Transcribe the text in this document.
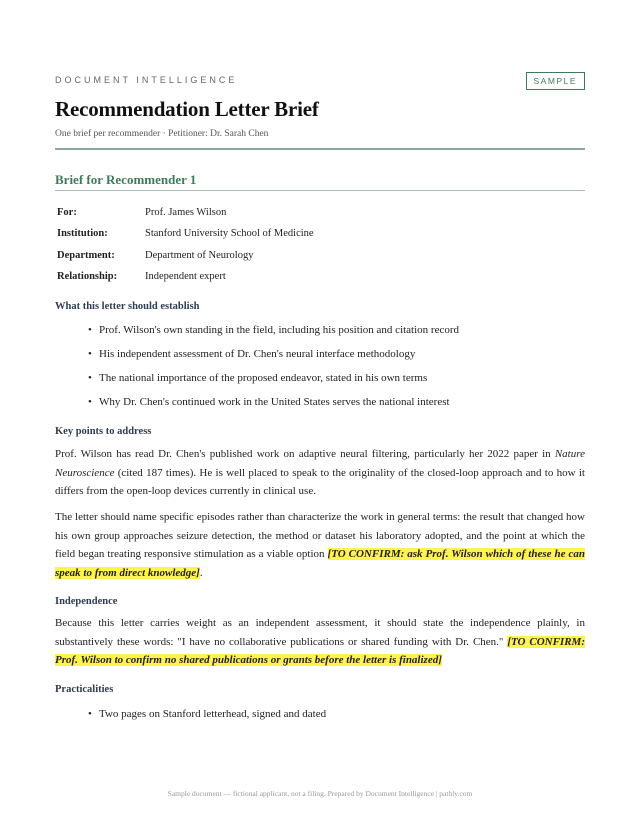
DOCUMENT INTELLIGENCE	SAMPLE
Recommendation Letter Brief
One brief per recommender · Petitioner: Dr. Sarah Chen
Brief for Recommender 1
For:	Prof. James Wilson
Institution:	Stanford University School of Medicine
Department:	Department of Neurology
Relationship:	Independent expert
What this letter should establish
• Prof. Wilson's own standing in the field, including his position and citation record
• His independent assessment of Dr. Chen's neural interface methodology
• The national importance of the proposed endeavor, stated in his own terms
• Why Dr. Chen's continued work in the United States serves the national interest
Key points to address

Prof. Wilson has read Dr. Chen's published work on adaptive neural filtering, particularly her 2022 paper in Nature Neuroscience (cited 187 times). He is well placed to speak to the originality of the closed-loop approach and to how it differs from the open-loop devices currently in clinical use.

The letter should name specific episodes rather than characterize the work in general terms: the result that changed how his own group approaches seizure detection, the method or dataset his laboratory adopted, and the point at which the field began treating responsive stimulation as a viable option [TO CONFIRM: ask Prof. Wilson which of these he can speak to from direct knowledge].

Independence

Because this letter carries weight as an independent assessment, it should state the independence plainly, in substantively these words: "I have no collaborative publications or shared funding with Dr. Chen." [TO CONFIRM: Prof. Wilson to confirm no shared publications or grants before the letter is finalized]

Practicalities
• Two pages on Stanford letterhead, signed and dated
Sample document — fictional applicant, not a filing. Prepared by Document Intelligence | pathly.com
